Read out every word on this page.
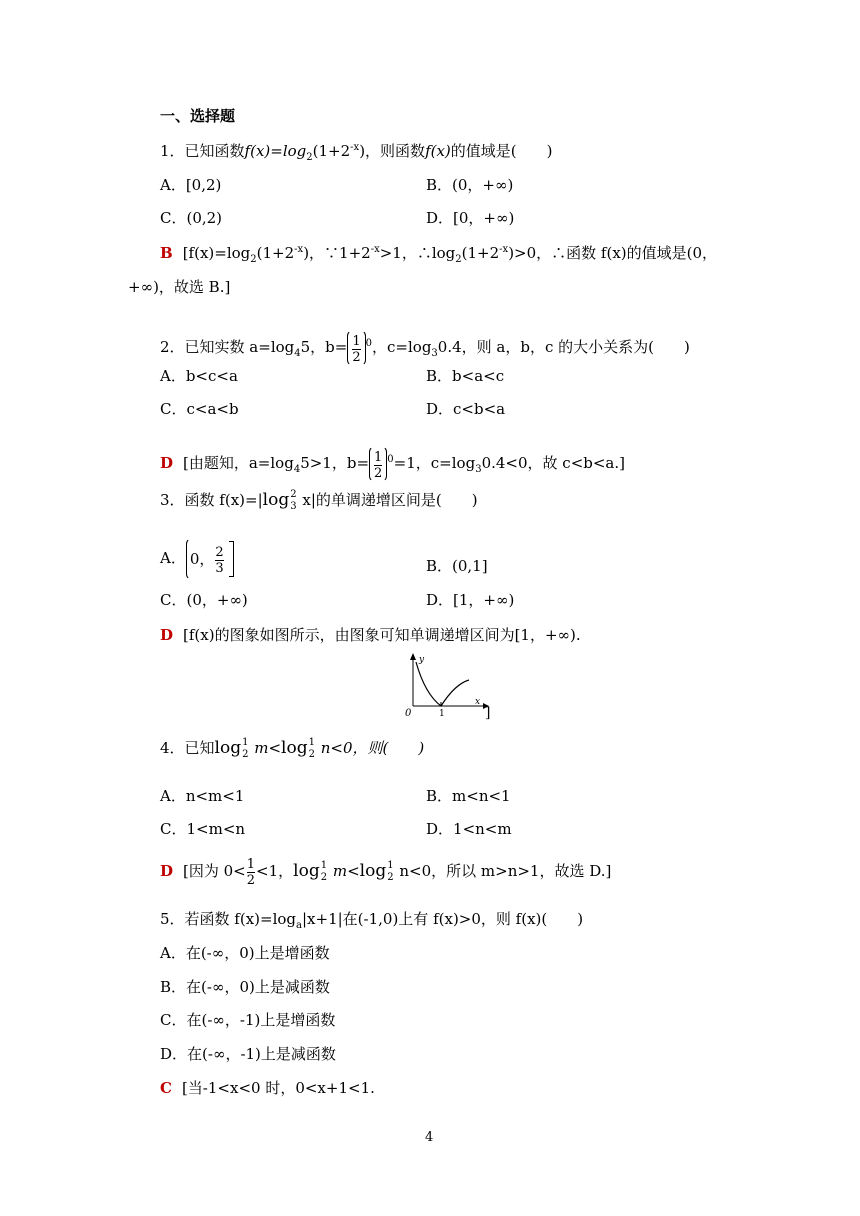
一、选择题
1．已知函数$f(x)=\log_2(1+2^{-x})$，则函数f(x)的值域是(　　)
A．[0,2)	B．(0，+∞)
C．(0,2)	D．[0，+∞)
B [$f(x)=\log_2(1+2^{-x})$，$\because 1+2^{-x}>1$，$\therefore\log_2(1+2^{-x})>0$，∴函数 f(x)的值域是(0，
+∞)，故选 B.]
2．已知实数 $a=\log_45$，$b= \frac{1}{2} ^0$，$c=\log_30.4$，则 a，b，c 的大小关系为(　　)
A．b<c<a	B．b<a<c
C．c<a<b	D．c<b<a
D [由题知，$a=\log_45>1$，$b= \frac{1}{2} ^0=1$，$c=\log_30.4<0$，故 c<b<a.]
3．函数 f(x)=|log 2
3 x|的单调递增区间是(　　)
A． 0， $\frac{2}{3}$	B．(0,1]
C．(0，+∞)	D．[1，+∞)
D [f(x)的图象如图所示，由图象可知单调递增区间为[1，+∞).
y
x
0	1	]
4．已知log 1
2 m<log 1
2 n<0，则(　　)
A．n<m<1	B．m<n<1
C．1<m<n	D．1<n<m
D [因为 $0< \frac{1}{2} <1$，log 1
2 m<log 1
2 n<0，所以 m>n>1，故选 D.]
5．若函数 $f(x)=\log_a|x+1|$在(-1,0)上有 f(x)>0，则 f(x)(　　)
A．在(-∞，0)上是增函数
B．在(-∞，0)上是减函数
C．在(-∞，-1)上是增函数
D．在(-∞，-1)上是减函数
C [当-1<x<0 时，0<x+1<1.
4
